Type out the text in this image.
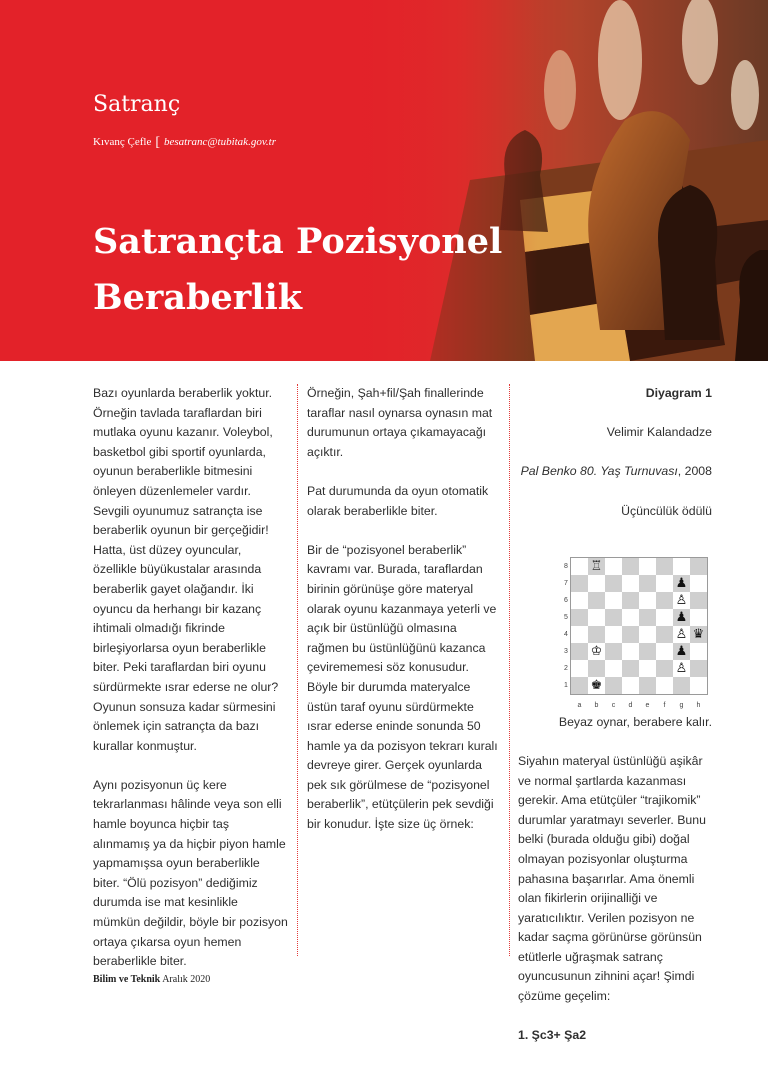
Satranç
Kıvanç Çefle [ besatranc@tubitak.gov.tr
Satrançta Pozisyonel
Beraberlik

Bazı oyunlarda beraberlik yoktur. Örneğin tavlada taraflardan biri mutlaka oyunu kazanır. Voleybol, basketbol gibi sportif oyunlarda, oyunun beraberlikle bitmesini önleyen düzenlemeler vardır. Sevgili oyunumuz satrançta ise beraberlik oyunun bir gerçeğidir! Hatta, üst düzey oyuncular, özellikle büyükustalar arasında beraberlik gayet olağandır. İki oyuncu da herhangı bir kazanç ihtimali olmadığı fikrinde birleşiyorlarsa oyun beraberlikle biter. Peki taraflardan biri oyunu sürdürmekte ısrar ederse ne olur? Oyunun sonsuza kadar sürmesini önlemek için satrançta da bazı kurallar konmuştur.

Aynı pozisyonun üç kere tekrarlanması hâlinde veya son elli hamle boyunca hiçbir taş alınmamış ya da hiçbir piyon hamle yapmamışsa oyun beraberlikle biter. “Ölü pozisyon” dediğimiz durumda ise mat kesinlikle mümkün değildir, böyle bir pozisyon ortaya çıkarsa oyun hemen beraberlikle biter.

Örneğin, Şah+fil/Şah finallerinde taraflar nasıl oynarsa oynasın mat durumunun ortaya çıkamayacağı açıktır.

Pat durumunda da oyun otomatik olarak beraberlikle biter.

Bir de “pozisyonel beraberlik” kavramı var. Burada, taraflardan birinin görünüşe göre materyal olarak oyunu kazanmaya yeterli ve açık bir üstünlüğü olmasına rağmen bu üstünlüğünü kazanca çevirememesi söz konusudur. Böyle bir durumda materyalce üstün taraf oyunu sürdürmekte ısrar ederse eninde sonunda 50 hamle ya da pozisyon tekrarı kuralı devreye girer. Gerçek oyunlarda pek sık görülmese de “pozisyonel beraberlik”, etütçülerin pek sevdiği bir konudur. İşte size üç örnek:

Diyagram 1

Velimir Kalandadze

Pal Benko 80. Yaş Turnuvası, 2008

Üçüncülük ödülü

8
7
6
5
4
3
2
1
♖
♟
♙
♟
♙ ♛
♔	♟
♙
♚
a	b	c	d	e	f	g	h

Beyaz oynar, berabere kalır.

Siyahın materyal üstünlüğü aşikâr ve normal şartlarda kazanması gerekir. Ama etütçüler “trajikomik” durumlar yaratmayı severler. Bunu belki (burada olduğu gibi) doğal olmayan pozisyonlar oluşturma pahasına başarırlar. Ama önemli olan fikirlerin orijinalliği ve yaratıcılıktır. Verilen pozisyon ne kadar saçma görünürse görünsün etütlerle uğraşmak satranç oyuncusunun zihnini açar! Şimdi çözüme geçelim:

1. Şc3+ Şa2

Bilim ve Teknik Aralık 2020
